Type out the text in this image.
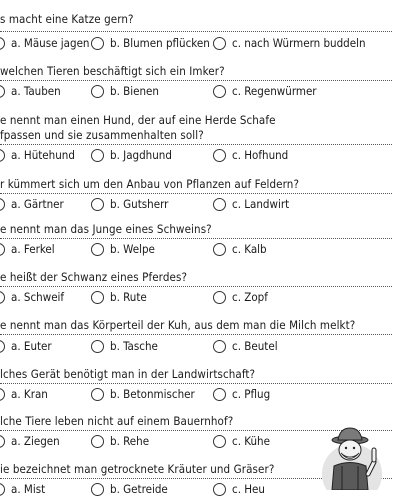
s macht eine Katze gern?
a. Mäuse jagen b. Blumen pflücken c. nach Würmern buddeln
welchen Tieren beschäftigt sich ein Imker?
a. Tauben	b. Bienen	c. Regenwürmer
e nennt man einen Hund, der auf eine Herde Schafe
fpassen und sie zusammenhalten soll?
a. Hütehund	b. Jagdhund	c. Hofhund
r kümmert sich um den Anbau von Pflanzen auf Feldern?
a. Gärtner	b. Gutsherr	c. Landwirt
e nennt man das Junge eines Schweins?
a. Ferkel	b. Welpe	c. Kalb
e heißt der Schwanz eines Pferdes?
a. Schweif	b. Rute	c. Zopf
e nennt man das Körperteil der Kuh, aus dem man die Milch melkt?
a. Euter	b. Tasche	c. Beutel
lches Gerät benötigt man in der Landwirtschaft?
a. Kran	b. Betonmischer	c. Pflug
lche Tiere leben nicht auf einem Bauernhof?
a. Ziegen	b. Rehe	c. Kühe
ie bezeichnet man getrocknete Kräuter und Gräser?
a. Mist	b. Getreide	c. Heu
